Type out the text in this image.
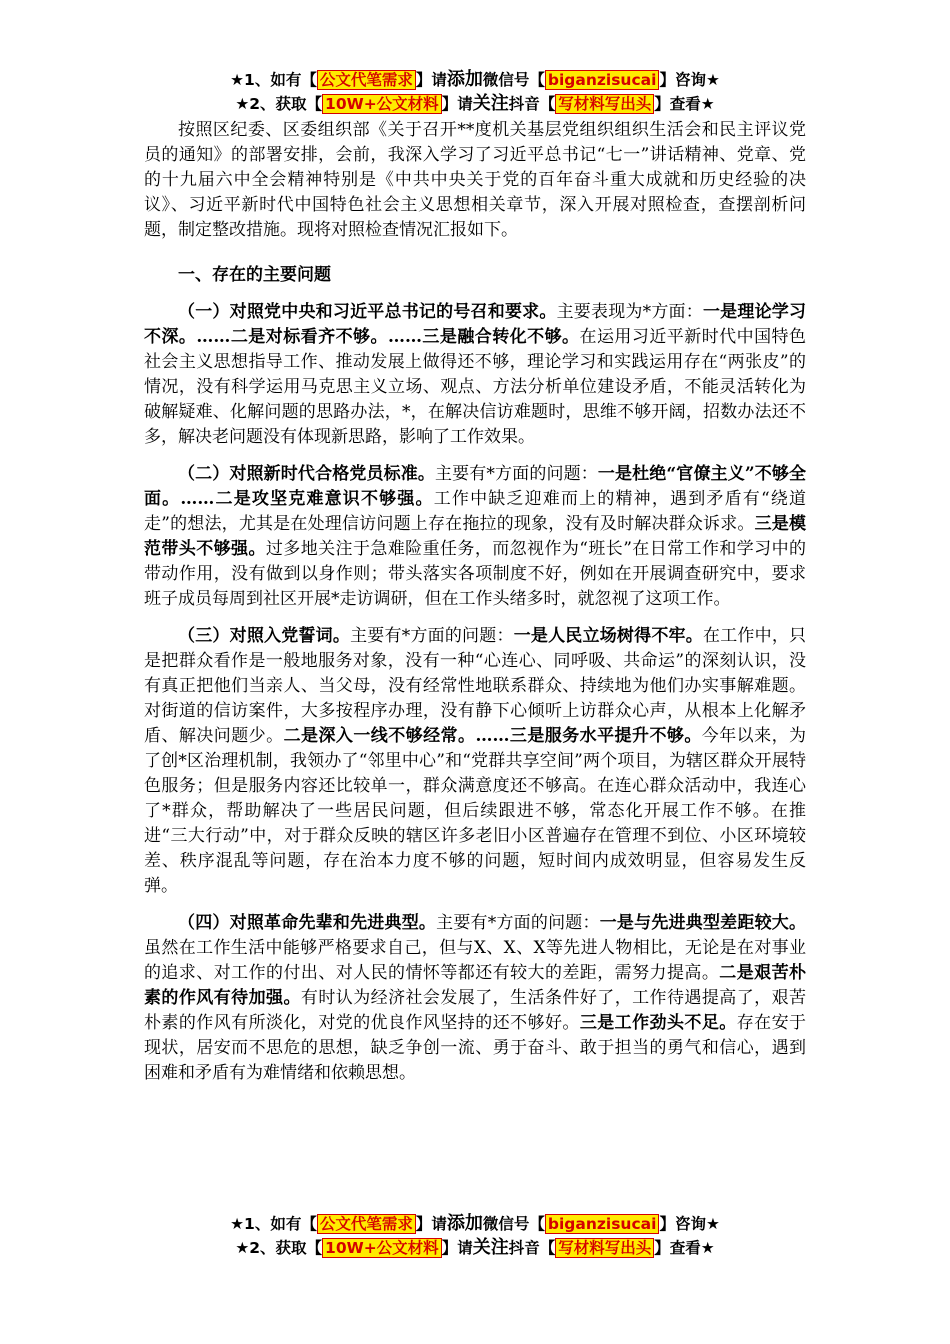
★1、如有【 公文代笔需求 】请添加微信号【 biganzisucai 】咨询★
★2、获取【 10W+公文材料 】请关注抖音【 写材料写出头 】查看★

按照区纪委、区委组织部《关于召开**度机关基层党组织组织生活会和民主评议党员的通知》的部署安排，会前，我深入学习了习近平总书记“七一”讲话精神、党章、党的十九届六中全会精神特别是《中共中央关于党的百年奋斗重大成就和历史经验的决议》、习近平新时代中国特色社会主义思想相关章节，深入开展对照检查，查摆剖析问题，制定整改措施。现将对照检查情况汇报如下。

一、存在的主要问题

（一）对照党中央和习近平总书记的号召和要求。主要表现为*方面：一是理论学习不深。……二是对标看齐不够。……三是融合转化不够。在运用习近平新时代中国特色社会主义思想指导工作、推动发展上做得还不够，理论学习和实践运用存在“两张皮”的情况，没有科学运用马克思主义立场、观点、方法分析单位建设矛盾，不能灵活转化为破解疑难、化解问题的思路办法，*，在解决信访难题时，思维不够开阔，招数办法还不多，解决老问题没有体现新思路，影响了工作效果。

（二）对照新时代合格党员标准。主要有*方面的问题：一是杜绝“官僚主义”不够全面。……二是攻坚克难意识不够强。工作中缺乏迎难而上的精神，遇到矛盾有“绕道走”的想法，尤其是在处理信访问题上存在拖拉的现象，没有及时解决群众诉求。三是模范带头不够强。过多地关注于急难险重任务，而忽视作为“班长”在日常工作和学习中的带动作用，没有做到以身作则；带头落实各项制度不好，例如在开展调查研究中，要求班子成员每周到社区开展*走访调研，但在工作头绪多时，就忽视了这项工作。

（三）对照入党誓词。主要有*方面的问题：一是人民立场树得不牢。在工作中，只是把群众看作是一般地服务对象，没有一种“心连心、同呼吸、共命运”的深刻认识，没有真正把他们当亲人、当父母，没有经常性地联系群众、持续地为他们办实事解难题。对街道的信访案件，大多按程序办理，没有静下心倾听上访群众心声，从根本上化解矛盾、解决问题少。二是深入一线不够经常。……三是服务水平提升不够。今年以来，为了创*区治理机制，我领办了“邻里中心”和“党群共享空间”两个项目，为辖区群众开展特色服务；但是服务内容还比较单一，群众满意度还不够高。在连心群众活动中，我连心了*群众，帮助解决了一些居民问题，但后续跟进不够，常态化开展工作不够。在推进“三大行动”中，对于群众反映的辖区许多老旧小区普遍存在管理不到位、小区环境较差、秩序混乱等问题，存在治本力度不够的问题，短时间内成效明显，但容易发生反弹。

（四）对照革命先辈和先进典型。主要有*方面的问题：一是与先进典型差距较大。虽然在工作生活中能够严格要求自己，但与X、X、X等先进人物相比，无论是在对事业的追求、对工作的付出、对人民的情怀等都还有较大的差距，需努力提高。二是艰苦朴素的作风有待加强。有时认为经济社会发展了，生活条件好了，工作待遇提高了，艰苦朴素的作风有所淡化，对党的优良作风坚持的还不够好。三是工作劲头不足。存在安于现状，居安而不思危的思想，缺乏争创一流、勇于奋斗、敢于担当的勇气和信心，遇到困难和矛盾有为难情绪和依赖思想。

★1、如有【 公文代笔需求 】请添加微信号【 biganzisucai 】咨询★
★2、获取【 10W+公文材料 】请关注抖音【 写材料写出头 】查看★
